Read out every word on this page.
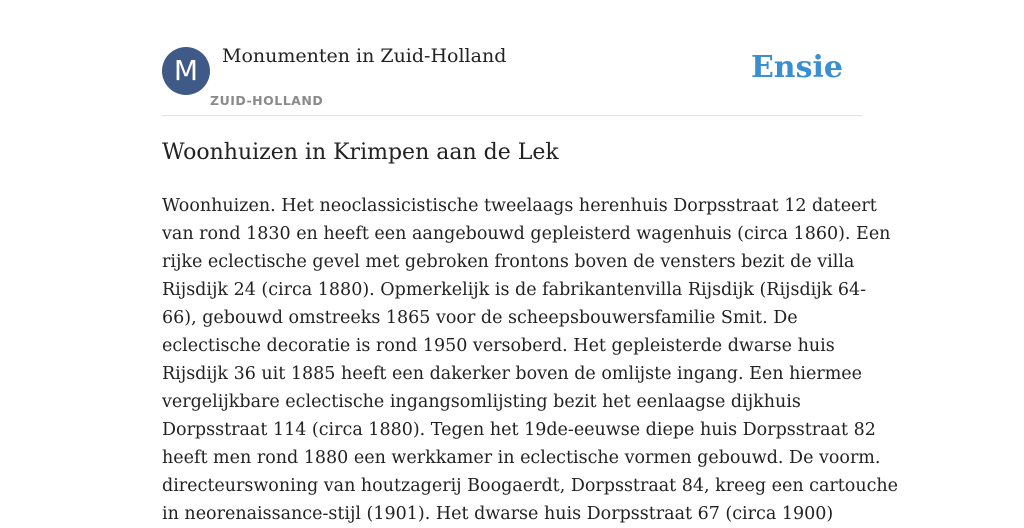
M	Monumenten in Zuid-Holland
ZUID-HOLLAND
Ensie
Woonhuizen in Krimpen aan de Lek
Woonhuizen. Het neoclassicistische tweelaags herenhuis Dorpsstraat 12 dateert
van rond 1830 en heeft een aangebouwd gepleisterd wagenhuis (circa 1860). Een
rijke eclectische gevel met gebroken frontons boven de vensters bezit de villa
Rijsdijk 24 (circa 1880). Opmerkelijk is de fabrikantenvilla Rijsdijk (Rijsdijk 64-
66), gebouwd omstreeks 1865 voor de scheepsbouwersfamilie Smit. De
eclectische decoratie is rond 1950 versoberd. Het gepleisterde dwarse huis
Rijsdijk 36 uit 1885 heeft een dakerker boven de omlijste ingang. Een hiermee
vergelijkbare eclectische ingangsomlijsting bezit het eenlaagse dijkhuis
Dorpsstraat 114 (circa 1880). Tegen het 19de-eeuwse diepe huis Dorpsstraat 82
heeft men rond 1880 een werkkamer in eclectische vormen gebouwd. De voorm.
directeurswoning van houtzagerij Boogaerdt, Dorpsstraat 84, kreeg een cartouche
in neorenaissance-stijl (1901). Het dwarse huis Dorpsstraat 67 (circa 1900)
